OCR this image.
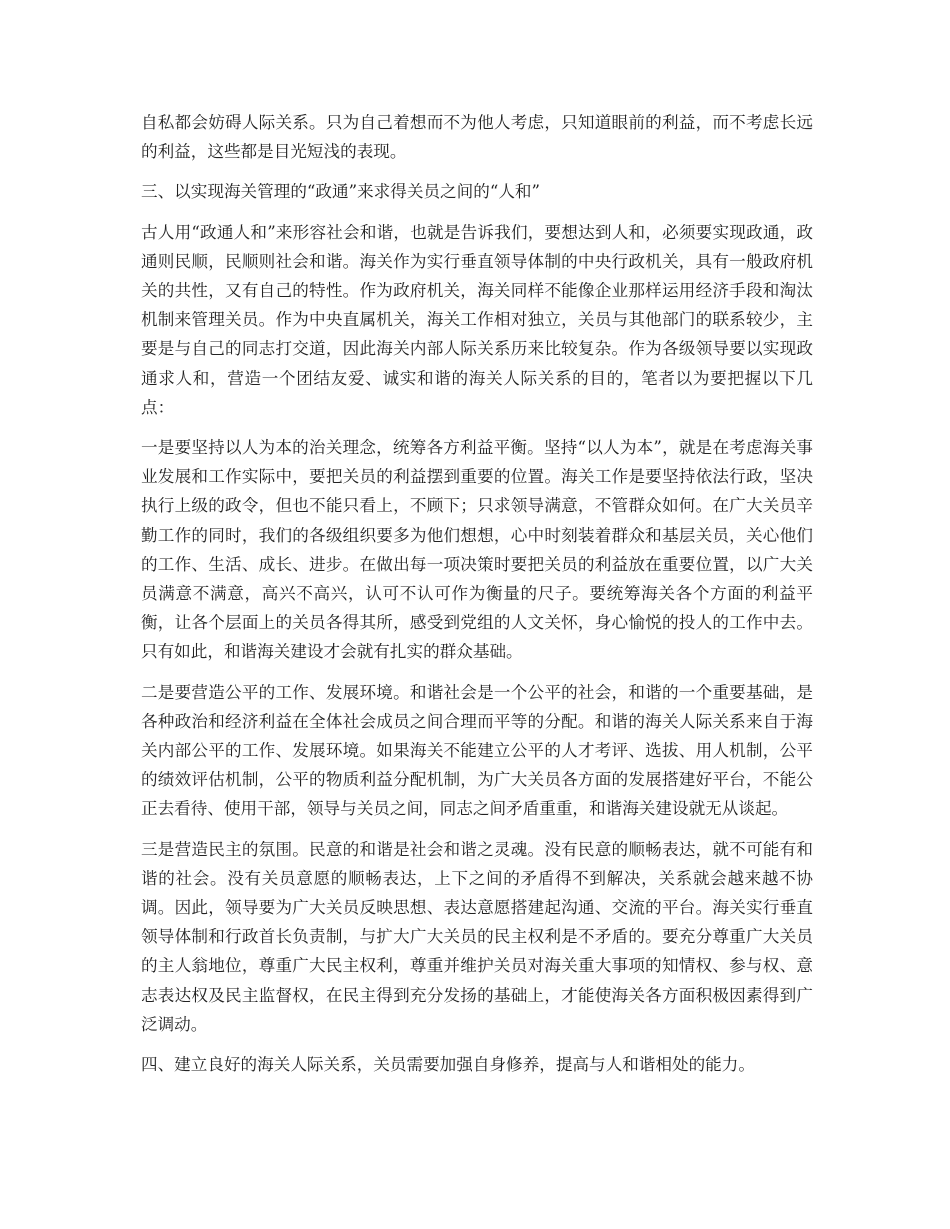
自私都会妨碍人际关系。只为自己着想而不为他人考虑，只知道眼前的利益，而不考虑长远的利益，这些都是目光短浅的表现。

三、以实现海关管理的“政通”来求得关员之间的“人和”

古人用“政通人和”来形容社会和谐，也就是告诉我们，要想达到人和，必须要实现政通，政通则民顺，民顺则社会和谐。海关作为实行垂直领导体制的中央行政机关，具有一般政府机关的共性，又有自己的特性。作为政府机关，海关同样不能像企业那样运用经济手段和淘汰机制来管理关员。作为中央直属机关，海关工作相对独立，关员与其他部门的联系较少，主要是与自己的同志打交道，因此海关内部人际关系历来比较复杂。作为各级领导要以实现政通求人和，营造一个团结友爱、诚实和谐的海关人际关系的目的，笔者以为要把握以下几点：

一是要坚持以人为本的治关理念，统筹各方利益平衡。坚持“以人为本”，就是在考虑海关事业发展和工作实际中，要把关员的利益摆到重要的位置。海关工作是要坚持依法行政，坚决执行上级的政令，但也不能只看上，不顾下；只求领导满意，不管群众如何。在广大关员辛勤工作的同时，我们的各级组织要多为他们想想，心中时刻装着群众和基层关员，关心他们的工作、生活、成长、进步。在做出每一项决策时要把关员的利益放在重要位置，以广大关员满意不满意，高兴不高兴，认可不认可作为衡量的尺子。要统筹海关各个方面的利益平衡，让各个层面上的关员各得其所，感受到党组的人文关怀，身心愉悦的投人的工作中去。只有如此，和谐海关建设才会就有扎实的群众基础。

二是要营造公平的工作、发展环境。和谐社会是一个公平的社会，和谐的一个重要基础，是各种政治和经济利益在全体社会成员之间合理而平等的分配。和谐的海关人际关系来自于海关内部公平的工作、发展环境。如果海关不能建立公平的人才考评、选拔、用人机制，公平的绩效评估机制，公平的物质利益分配机制，为广大关员各方面的发展搭建好平台，不能公正去看待、使用干部，领导与关员之间，同志之间矛盾重重，和谐海关建设就无从谈起。

三是营造民主的氛围。民意的和谐是社会和谐之灵魂。没有民意的顺畅表达，就不可能有和谐的社会。没有关员意愿的顺畅表达，上下之间的矛盾得不到解决，关系就会越来越不协调。因此，领导要为广大关员反映思想、表达意愿搭建起沟通、交流的平台。海关实行垂直领导体制和行政首长负责制，与扩大广大关员的民主权利是不矛盾的。要充分尊重广大关员的主人翁地位，尊重广大民主权利，尊重并维护关员对海关重大事项的知情权、参与权、意志表达权及民主监督权，在民主得到充分发扬的基础上，才能使海关各方面积极因素得到广泛调动。

四、建立良好的海关人际关系，关员需要加强自身修养，提高与人和谐相处的能力。
